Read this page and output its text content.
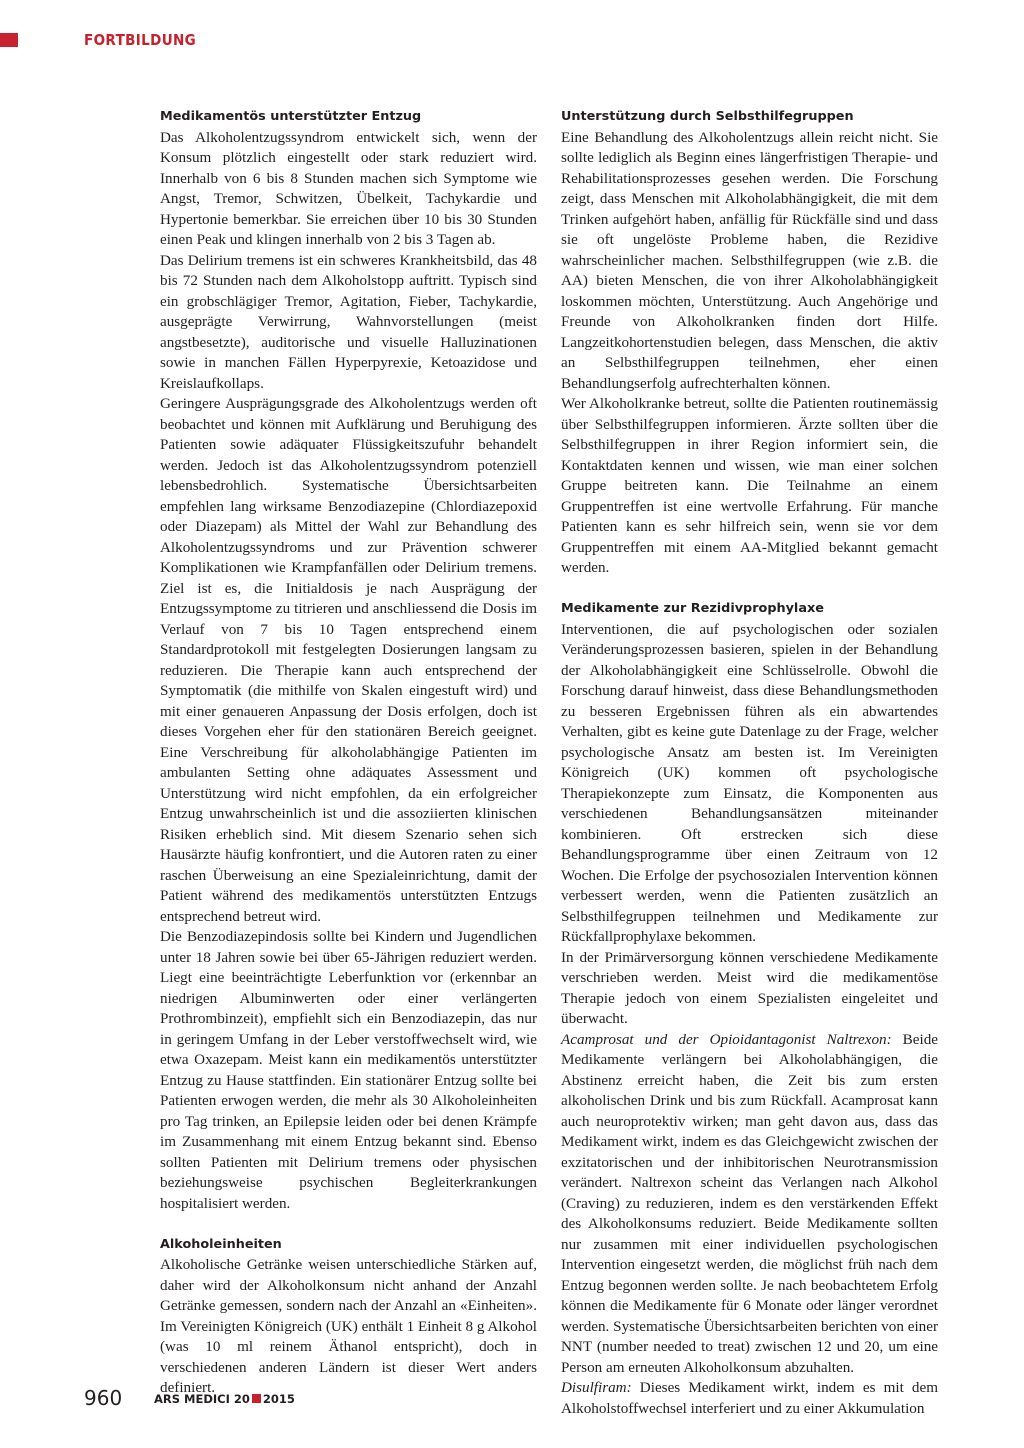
FORTBILDUNG
Medikamentös unterstützter Entzug

Das Alkoholentzugssyndrom entwickelt sich, wenn der Konsum plötzlich eingestellt oder stark reduziert wird. Innerhalb von 6 bis 8 Stunden machen sich Symptome wie Angst, Tremor, Schwitzen, Übelkeit, Tachykardie und Hypertonie bemerkbar. Sie erreichen über 10 bis 30 Stunden einen Peak und klingen innerhalb von 2 bis 3 Tagen ab.

Das Delirium tremens ist ein schweres Krankheitsbild, das 48 bis 72 Stunden nach dem Alkoholstopp auftritt. Typisch sind ein grobschlägiger Tremor, Agitation, Fieber, Tachykardie, ausgeprägte Verwirrung, Wahnvorstellungen (meist angstbesetzte), auditorische und visuelle Halluzinationen sowie in manchen Fällen Hyperpyrexie, Ketoazidose und Kreislaufkollaps.

Geringere Ausprägungsgrade des Alkoholentzugs werden oft beobachtet und können mit Aufklärung und Beruhigung des Patienten sowie adäquater Flüssigkeitszufuhr behandelt werden. Jedoch ist das Alkoholentzugssyndrom potenziell lebensbedrohlich. Systematische Übersichtsarbeiten empfehlen lang wirksame Benzodiazepine (Chlordiazepoxid oder Diazepam) als Mittel der Wahl zur Behandlung des Alkoholentzugssyndroms und zur Prävention schwerer Komplikationen wie Krampfanfällen oder Delirium tremens. Ziel ist es, die Initialdosis je nach Ausprägung der Entzugssymptome zu titrieren und anschliessend die Dosis im Verlauf von 7 bis 10 Tagen entsprechend einem Standardprotokoll mit festgelegten Dosierungen langsam zu reduzieren. Die Therapie kann auch entsprechend der Symptomatik (die mithilfe von Skalen eingestuft wird) und mit einer genaueren Anpassung der Dosis erfolgen, doch ist dieses Vorgehen eher für den stationären Bereich geeignet. Eine Verschreibung für alkoholabhängige Patienten im ambulanten Setting ohne adäquates Assessment und Unterstützung wird nicht empfohlen, da ein erfolgreicher Entzug unwahrscheinlich ist und die assoziierten klinischen Risiken erheblich sind. Mit diesem Szenario sehen sich Hausärzte häufig konfrontiert, und die Autoren raten zu einer raschen Überweisung an eine Spezialeinrichtung, damit der Patient während des medikamentös unterstützten Entzugs entsprechend betreut wird.

Die Benzodiazepindosis sollte bei Kindern und Jugendlichen unter 18 Jahren sowie bei über 65-Jährigen reduziert werden. Liegt eine beeinträchtigte Leberfunktion vor (erkennbar an niedrigen Albuminwerten oder einer verlängerten Prothrombinzeit), empfiehlt sich ein Benzodiazepin, das nur in geringem Umfang in der Leber verstoffwechselt wird, wie etwa Oxazepam. Meist kann ein medikamentös unterstützter Entzug zu Hause stattfinden. Ein stationärer Entzug sollte bei Patienten erwogen werden, die mehr als 30 Alkoholeinheiten pro Tag trinken, an Epilepsie leiden oder bei denen Krämpfe im Zusammenhang mit einem Entzug bekannt sind. Ebenso sollten Patienten mit Delirium tremens oder physischen beziehungsweise psychischen Begleiterkrankungen hospitalisiert werden.

Alkoholeinheiten

Alkoholische Getränke weisen unterschiedliche Stärken auf, daher wird der Alkoholkonsum nicht anhand der Anzahl Getränke gemessen, sondern nach der Anzahl an «Einheiten». Im Vereinigten Königreich (UK) enthält 1 Einheit 8 g Alkohol (was 10 ml reinem Äthanol entspricht), doch in verschiedenen anderen Ländern ist dieser Wert anders definiert.

Unterstützung durch Selbsthilfegruppen

Eine Behandlung des Alkoholentzugs allein reicht nicht. Sie sollte lediglich als Beginn eines längerfristigen Therapie- und Rehabilitationsprozesses gesehen werden. Die Forschung zeigt, dass Menschen mit Alkoholabhängigkeit, die mit dem Trinken aufgehört haben, anfällig für Rückfälle sind und dass sie oft ungelöste Probleme haben, die Rezidive wahrscheinlicher machen. Selbsthilfegruppen (wie z.B. die AA) bieten Menschen, die von ihrer Alkoholabhängigkeit loskommen möchten, Unterstützung. Auch Angehörige und Freunde von Alkoholkranken finden dort Hilfe. Langzeitkohortenstudien belegen, dass Menschen, die aktiv an Selbsthilfegruppen teilnehmen, eher einen Behandlungserfolg aufrechterhalten können.

Wer Alkoholkranke betreut, sollte die Patienten routinemässig über Selbsthilfegruppen informieren. Ärzte sollten über die Selbsthilfegruppen in ihrer Region informiert sein, die Kontaktdaten kennen und wissen, wie man einer solchen Gruppe beitreten kann. Die Teilnahme an einem Gruppentreffen ist eine wertvolle Erfahrung. Für manche Patienten kann es sehr hilfreich sein, wenn sie vor dem Gruppentreffen mit einem AA-Mitglied bekannt gemacht werden.

Medikamente zur Rezidivprophylaxe

Interventionen, die auf psychologischen oder sozialen Veränderungsprozessen basieren, spielen in der Behandlung der Alkoholabhängigkeit eine Schlüsselrolle. Obwohl die Forschung darauf hinweist, dass diese Behandlungsmethoden zu besseren Ergebnissen führen als ein abwartendes Verhalten, gibt es keine gute Datenlage zu der Frage, welcher psychologische Ansatz am besten ist. Im Vereinigten Königreich (UK) kommen oft psychologische Therapiekonzepte zum Einsatz, die Komponenten aus verschiedenen Behandlungsansätzen miteinander kombinieren. Oft erstrecken sich diese Behandlungsprogramme über einen Zeitraum von 12 Wochen. Die Erfolge der psychosozialen Intervention können verbessert werden, wenn die Patienten zusätzlich an Selbsthilfegruppen teilnehmen und Medikamente zur Rückfallprophylaxe bekommen.

In der Primärversorgung können verschiedene Medikamente verschrieben werden. Meist wird die medikamentöse Therapie jedoch von einem Spezialisten eingeleitet und überwacht.

Acamprosat und der Opioidantagonist Naltrexon: Beide Medikamente verlängern bei Alkoholabhängigen, die Abstinenz erreicht haben, die Zeit bis zum ersten alkoholischen Drink und bis zum Rückfall. Acamprosat kann auch neuroprotektiv wirken; man geht davon aus, dass das Medikament wirkt, indem es das Gleichgewicht zwischen der exzitatorischen und der inhibitorischen Neurotransmission verändert. Naltrexon scheint das Verlangen nach Alkohol (Craving) zu reduzieren, indem es den verstärkenden Effekt des Alkoholkonsums reduziert. Beide Medikamente sollten nur zusammen mit einer individuellen psychologischen Intervention eingesetzt werden, die möglichst früh nach dem Entzug begonnen werden sollte. Je nach beobachtetem Erfolg können die Medikamente für 6 Monate oder länger verordnet werden. Systematische Übersichtsarbeiten berichten von einer NNT (number needed to treat) zwischen 12 und 20, um eine Person am erneuten Alkoholkonsum abzuhalten.

Disulfiram: Dieses Medikament wirkt, indem es mit dem Alkoholstoffwechsel interferiert und zu einer Akkumulation

960	ARS MEDICI 20 2015
